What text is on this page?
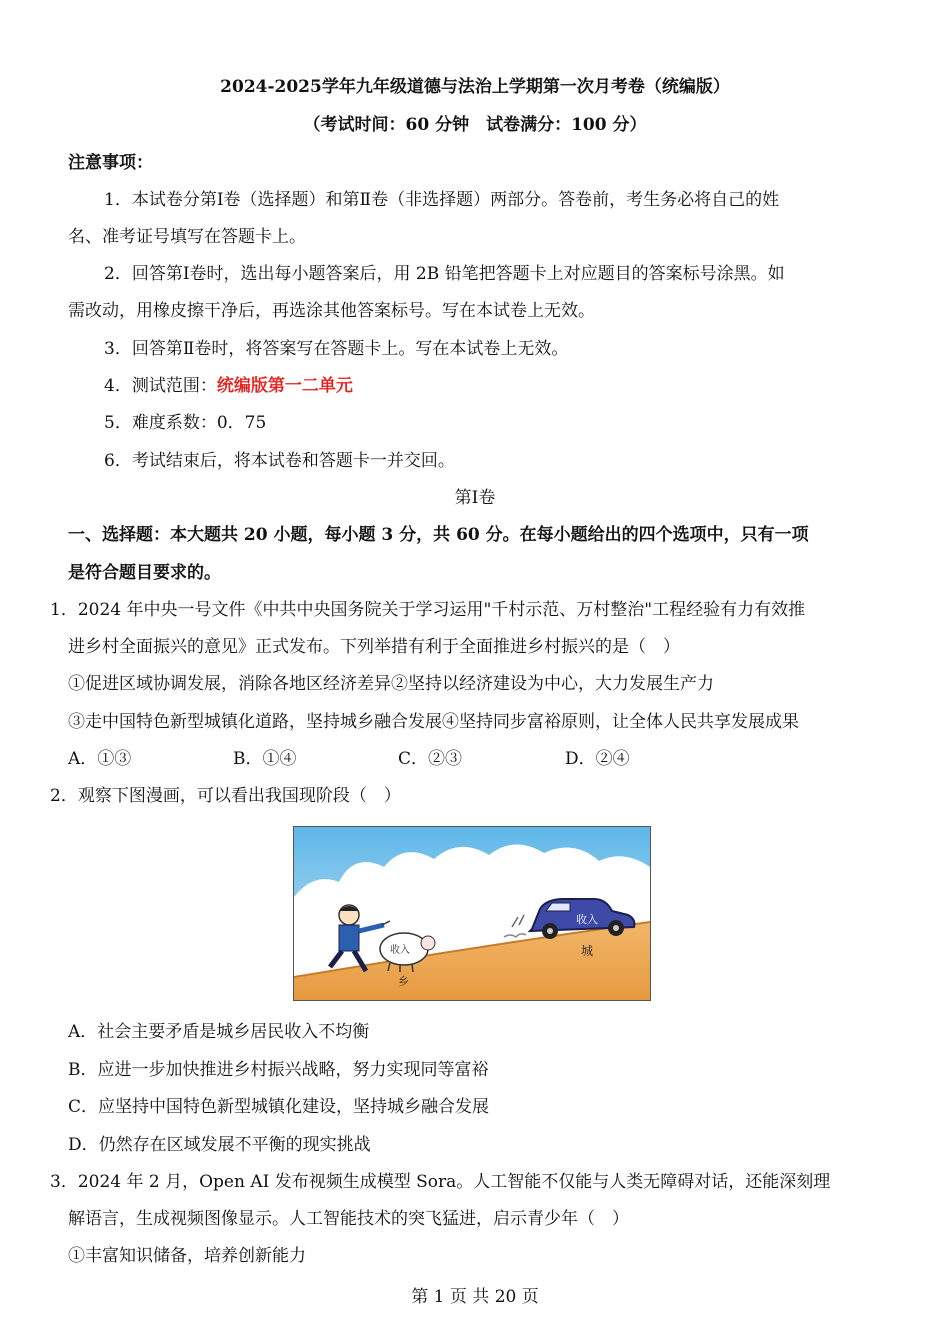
2024-2025学年九年级道德与法治上学期第一次月考卷（统编版）
（考试时间：60 分钟　试卷满分：100 分）
注意事项：
1．本试卷分第Ⅰ卷（选择题）和第Ⅱ卷（非选择题）两部分。答卷前，考生务必将自己的姓
名、准考证号填写在答题卡上。
2．回答第Ⅰ卷时，选出每小题答案后，用 2B 铅笔把答题卡上对应题目的答案标号涂黑。如
需改动，用橡皮擦干净后，再选涂其他答案标号。写在本试卷上无效。
3．回答第Ⅱ卷时，将答案写在答题卡上。写在本试卷上无效。
4．测试范围：统编版第一二单元
5．难度系数：0．75
6．考试结束后，将本试卷和答题卡一并交回。
第Ⅰ卷
一、选择题：本大题共 20 小题，每小题 3 分，共 60 分。在每小题给出的四个选项中，只有一项
是符合题目要求的。
1．2024 年中央一号文件《中共中央国务院关于学习运用"千村示范、万村整治"工程经验有力有效推
进乡村全面振兴的意见》正式发布。下列举措有利于全面推进乡村振兴的是（　）
①促进区域协调发展，消除各地区经济差异②坚持以经济建设为中心，大力发展生产力
③走中国特色新型城镇化道路，坚持城乡融合发展④坚持同步富裕原则，让全体人民共享发展成果
A．①③	B．①④	C．②③	D．②④
2．观察下图漫画，可以看出我国现阶段（　）
收入
城
收入
乡
A．社会主要矛盾是城乡居民收入不均衡
B．应进一步加快推进乡村振兴战略，努力实现同等富裕
C．应坚持中国特色新型城镇化建设，坚持城乡融合发展
D．仍然存在区域发展不平衡的现实挑战
3．2024 年 2 月，Open AI 发布视频生成模型 Sora。人工智能不仅能与人类无障碍对话，还能深刻理
解语言，生成视频图像显示。人工智能技术的突飞猛进，启示青少年（　）
①丰富知识储备，培养创新能力
第 1 页 共 20 页
